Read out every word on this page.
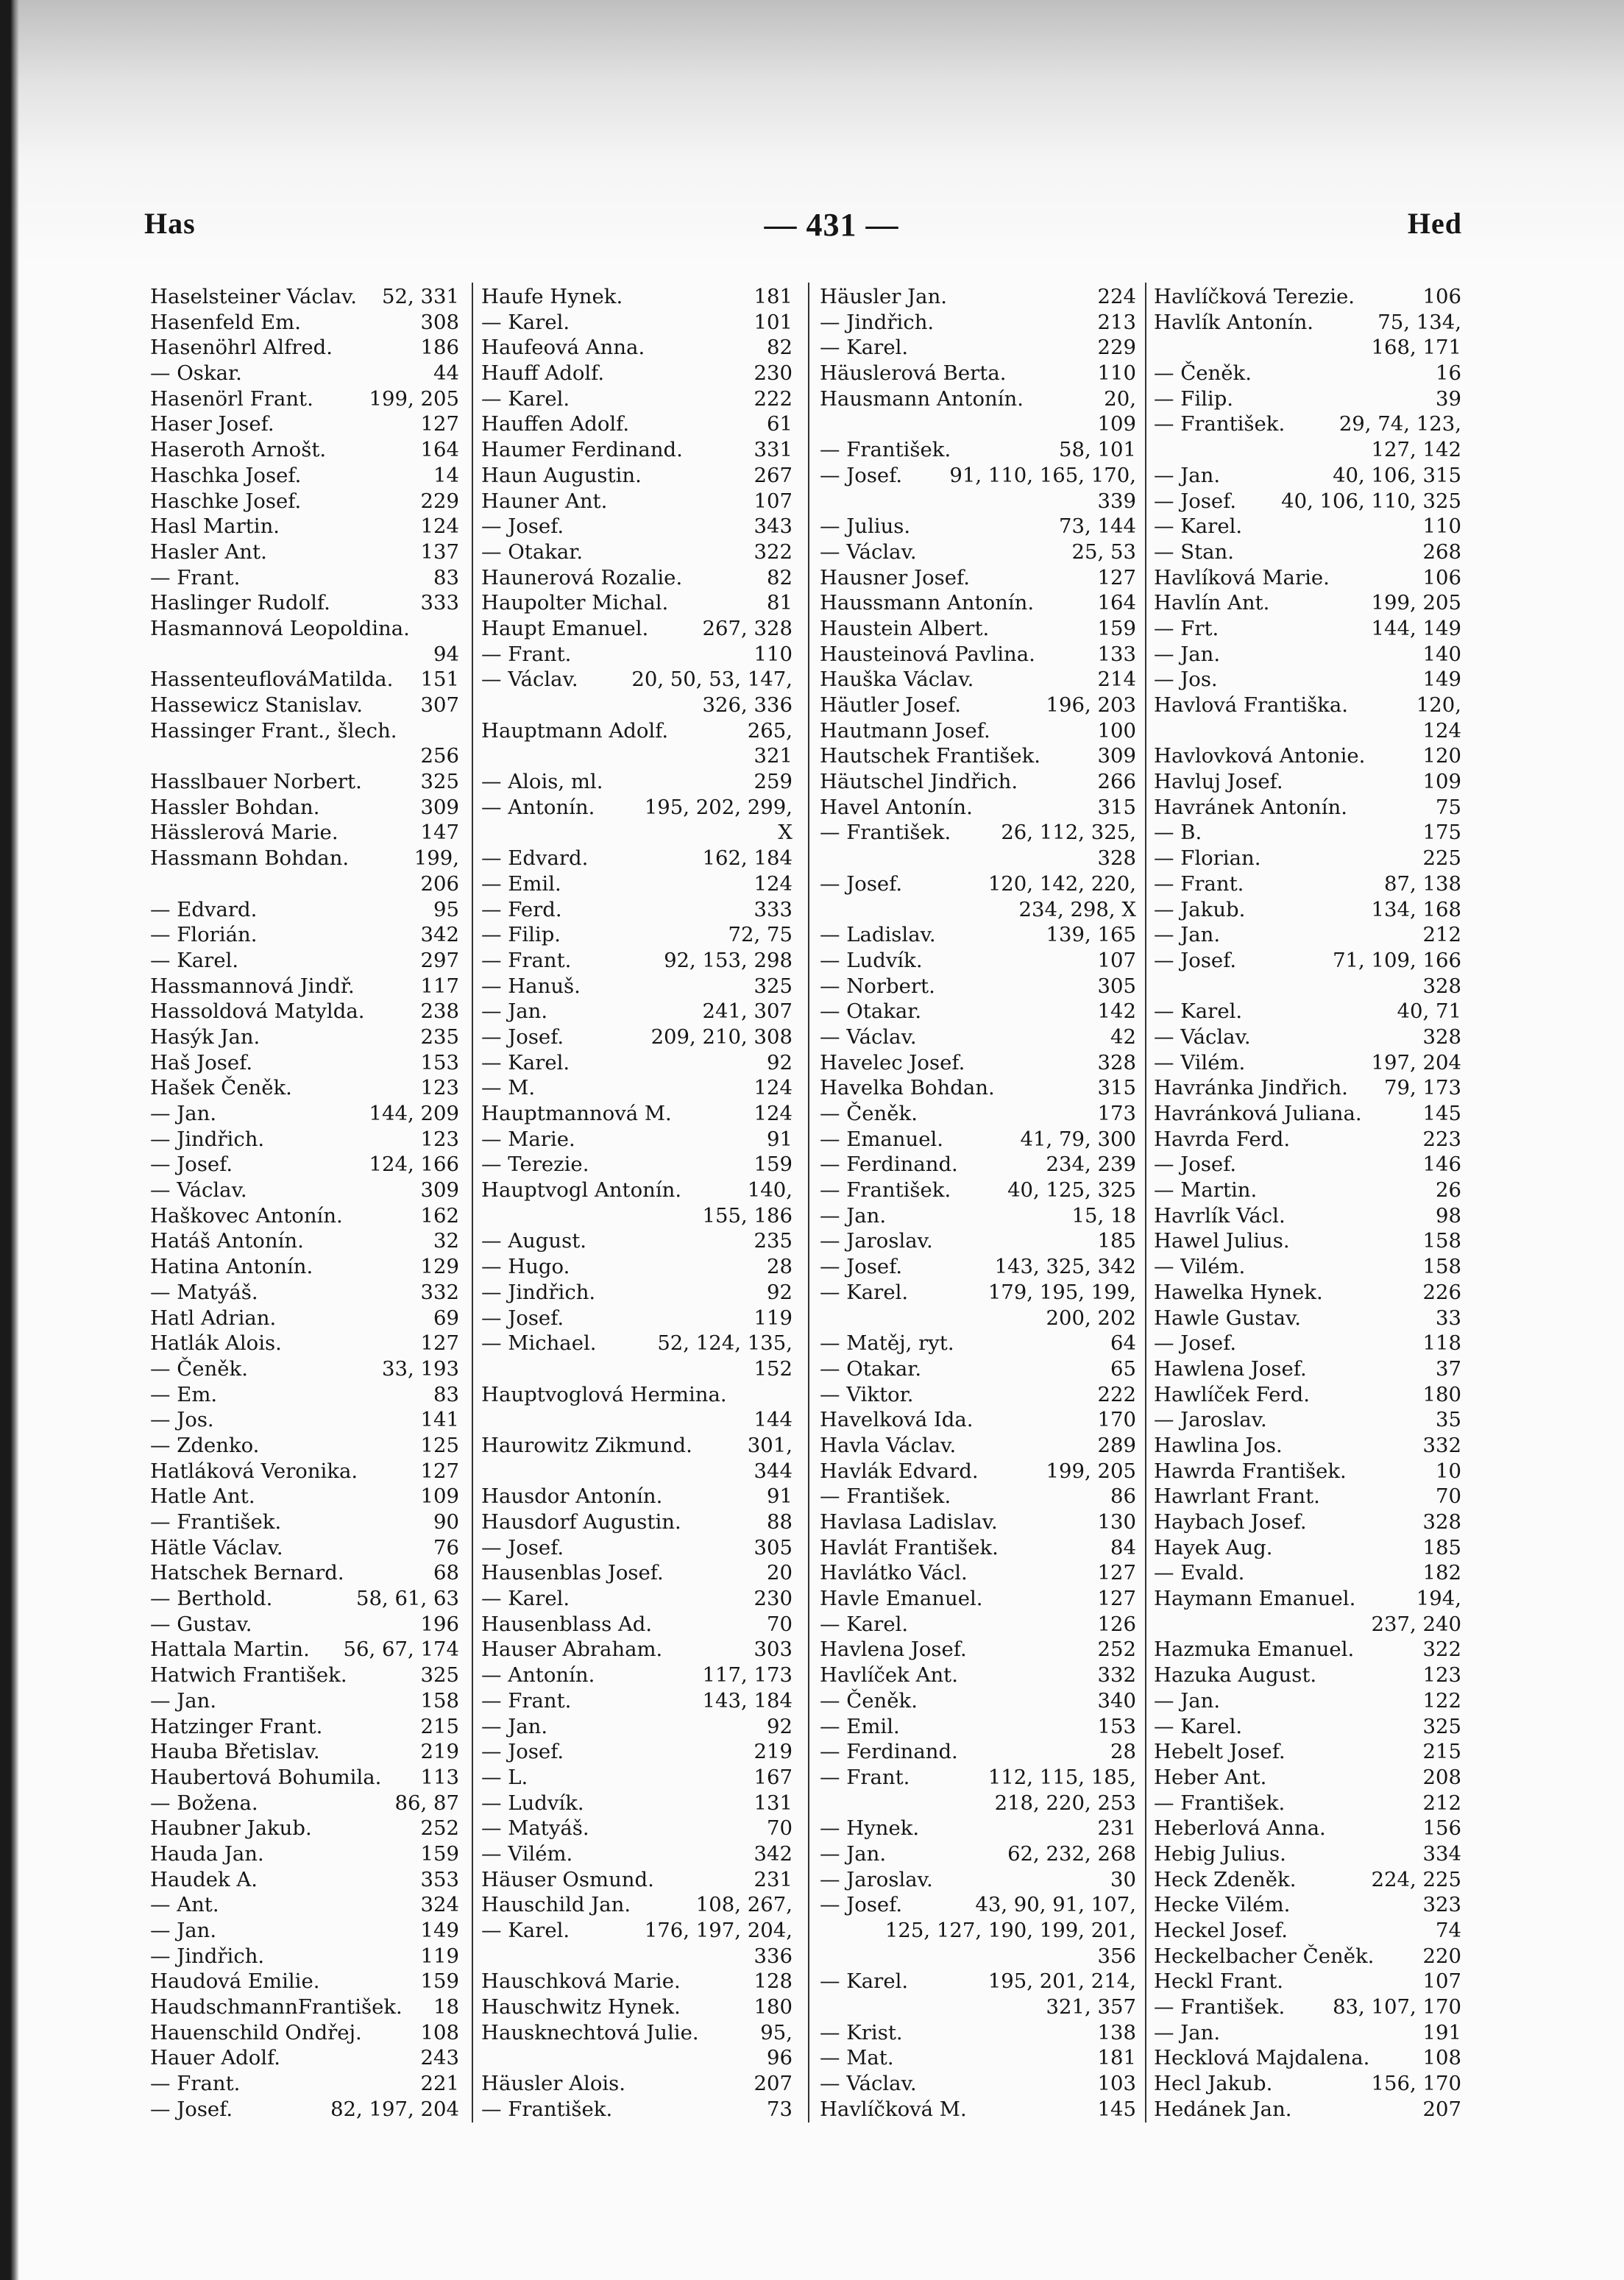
Has	— 431 —	Hed
Haselsteiner Václav.	52, 331
Hasenfeld Em.	308
Hasenöhrl Alfred.	186
— Oskar.	44
Hasenörl Frant.	199, 205
Haser Josef.	127
Haseroth Arnošt.	164
Haschka Josef.	14
Haschke Josef.	229
Hasl Martin.	124
Hasler Ant.	137
— Frant.	83
Haslinger Rudolf.	333
Hasmannová Leopoldina.
94
HassenteuflováMatilda.	151
Hassewicz Stanislav.	307
Hassinger Frant., šlech.
256
Hasslbauer Norbert.	325
Hassler Bohdan.	309
Hässlerová Marie.	147
Hassmann Bohdan.	199,
206
— Edvard.	95
— Florián.	342
— Karel.	297
Hassmannová Jindř.	117
Hassoldová Matylda.	238
Hasýk Jan.	235
Haš Josef.	153
Hašek Čeněk.	123
— Jan.	144, 209
— Jindřich.	123
— Josef.	124, 166
— Václav.	309
Haškovec Antonín.	162
Hatáš Antonín.	32
Hatina Antonín.	129
— Matyáš.	332
Hatl Adrian.	69
Hatlák Alois.	127
— Čeněk.	33, 193
— Em.	83
— Jos.	141
— Zdenko.	125
Hatláková Veronika.	127
Hatle Ant.	109
— František.	90
Hätle Václav.	76
Hatschek Bernard.	68
— Berthold.	58, 61, 63
— Gustav.	196
Hattala Martin.	56, 67, 174
Hatwich František.	325
— Jan.	158
Hatzinger Frant.	215
Hauba Břetislav.	219
Haubertová Bohumila.	113
— Božena.	86, 87
Haubner Jakub.	252
Hauda Jan.	159
Haudek A.	353
— Ant.	324
— Jan.	149
— Jindřich.	119
Haudová Emilie.	159
HaudschmannFrantišek.	18
Hauenschild Ondřej.	108
Hauer Adolf.	243
— Frant.	221
— Josef.	82, 197, 204
Haufe Hynek.	181
— Karel.	101
Haufeová Anna.	82
Hauff Adolf.	230
— Karel.	222
Hauffen Adolf.	61
Haumer Ferdinand.	331
Haun Augustin.	267
Hauner Ant.	107
— Josef.	343
— Otakar.	322
Haunerová Rozalie.	82
Haupolter Michal.	81
Haupt Emanuel.	267, 328
— Frant.	110
— Václav.	20, 50, 53, 147,
326, 336
Hauptmann Adolf.	265,
321
— Alois, ml.	259
— Antonín.	195, 202, 299,
X
— Edvard.	162, 184
— Emil.	124
— Ferd.	333
— Filip.	72, 75
— Frant.	92, 153, 298
— Hanuš.	325
— Jan.	241, 307
— Josef.	209, 210, 308
— Karel.	92
— M.	124
Hauptmannová M.	124
— Marie.	91
— Terezie.	159
Hauptvogl Antonín.	140,
155, 186
— August.	235
— Hugo.	28
— Jindřich.	92
— Josef.	119
— Michael.	52, 124, 135,
152
Hauptvoglová Hermina.
144
Haurowitz Zikmund.	301,
344
Hausdor Antonín.	91
Hausdorf Augustin.	88
— Josef.	305
Hausenblas Josef.	20
— Karel.	230
Hausenblass Ad.	70
Hauser Abraham.	303
— Antonín.	117, 173
— Frant.	143, 184
— Jan.	92
— Josef.	219
— L.	167
— Ludvík.	131
— Matyáš.	70
— Vilém.	342
Häuser Osmund.	231
Hauschild Jan.	108, 267,
— Karel.	176, 197, 204,
336
Hauschková Marie.	128
Hauschwitz Hynek.	180
Hausknechtová Julie.	95,
96
Häusler Alois.	207
— František.	73
Häusler Jan.	224
— Jindřich.	213
— Karel.	229
Häuslerová Berta.	110
Hausmann Antonín.	20,
109
— František.	58, 101
— Josef.	91, 110, 165, 170,
339
— Julius.	73, 144
— Václav.	25, 53
Hausner Josef.	127
Haussmann Antonín.	164
Haustein Albert.	159
Hausteinová Pavlina.	133
Hauška Václav.	214
Häutler Josef.	196, 203
Hautmann Josef.	100
Hautschek František.	309
Häutschel Jindřich.	266
Havel Antonín.	315
— František.	26, 112, 325,
328
— Josef.	120, 142, 220,
234, 298, X
— Ladislav.	139, 165
— Ludvík.	107
— Norbert.	305
— Otakar.	142
— Václav.	42
Havelec Josef.	328
Havelka Bohdan.	315
— Čeněk.	173
— Emanuel.	41, 79, 300
— Ferdinand.	234, 239
— František.	40, 125, 325
— Jan.	15, 18
— Jaroslav.	185
— Josef.	143, 325, 342
— Karel.	179, 195, 199,
200, 202
— Matěj, ryt.	64
— Otakar.	65
— Viktor.	222
Havelková Ida.	170
Havla Václav.	289
Havlák Edvard.	199, 205
— František.	86
Havlasa Ladislav.	130
Havlát František.	84
Havlátko Václ.	127
Havle Emanuel.	127
— Karel.	126
Havlena Josef.	252
Havlíček Ant.	332
— Čeněk.	340
— Emil.	153
— Ferdinand.	28
— Frant.	112, 115, 185,
218, 220, 253
— Hynek.	231
— Jan.	62, 232, 268
— Jaroslav.	30
— Josef.	43, 90, 91, 107,
125, 127, 190, 199, 201,
356
— Karel.	195, 201, 214,
321, 357
— Krist.	138
— Mat.	181
— Václav.	103
Havlíčková M.	145
Havlíčková Terezie.	106
Havlík Antonín.	75, 134,
168, 171
— Čeněk.	16
— Filip.	39
— František.	29, 74, 123,
127, 142
— Jan.	40, 106, 315
— Josef.	40, 106, 110, 325
— Karel.	110
— Stan.	268
Havlíková Marie.	106
Havlín Ant.	199, 205
— Frt.	144, 149
— Jan.	140
— Jos.	149
Havlová Františka.	120,
124
Havlovková Antonie.	120
Havluj Josef.	109
Havránek Antonín.	75
— B.	175
— Florian.	225
— Frant.	87, 138
— Jakub.	134, 168
— Jan.	212
— Josef.	71, 109, 166
328
— Karel.	40, 71
— Václav.	328
— Vilém.	197, 204
Havránka Jindřich.	79, 173
Havránková Juliana.	145
Havrda Ferd.	223
— Josef.	146
— Martin.	26
Havrlík Václ.	98
Hawel Julius.	158
— Vilém.	158
Hawelka Hynek.	226
Hawle Gustav.	33
— Josef.	118
Hawlena Josef.	37
Hawlíček Ferd.	180
— Jaroslav.	35
Hawlina Jos.	332
Hawrda František.	10
Hawrlant Frant.	70
Haybach Josef.	328
Hayek Aug.	185
— Evald.	182
Haymann Emanuel.	194,
237, 240
Hazmuka Emanuel.	322
Hazuka August.	123
— Jan.	122
— Karel.	325
Hebelt Josef.	215
Heber Ant.	208
— František.	212
Heberlová Anna.	156
Hebig Julius.	334
Heck Zdeněk.	224, 225
Hecke Vilém.	323
Heckel Josef.	74
Heckelbacher Čeněk.	220
Heckl Frant.	107
— František.	83, 107, 170
— Jan.	191
Hecklová Majdalena.	108
Hecl Jakub.	156, 170
Hedánek Jan.	207
